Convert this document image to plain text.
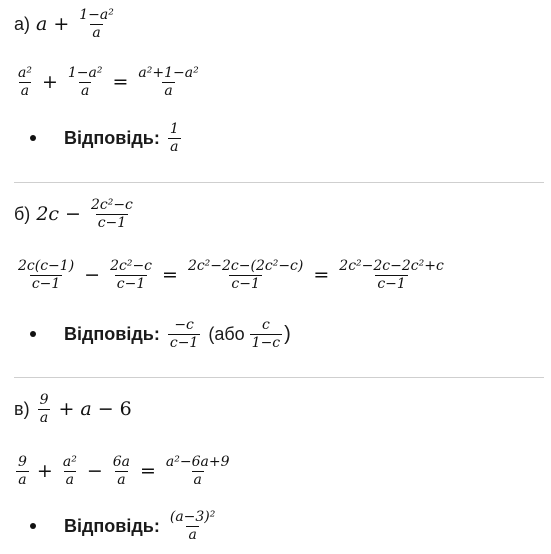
а) $a + \frac{\text{1−a²}}{a}$
$\frac{\text{a²}}{a} + \frac{\text{1−a²}}{a} = \frac{\text{a²+1−a²}}{a}$
Відповідь: $\frac{1}{a}$
б) $2c - \frac{\text{2c²−c}}{c-1}$
$\frac{2c(c-1)}{c-1} - \frac{\text{2c²−c}}{c-1} = \frac{\text{2c²−2c−(2c²−c)}}{c-1} = \frac{\text{2c²−2c−2c²+c}}{c-1}$
Відповідь: $\frac{-c}{c-1} (або \frac{c}{1-c}$ )
$в) \frac{9}{a} + a - 6$
$\frac{9}{a} + \frac{\text{a²}}{a} - \frac{6a}{a} = \frac{\text{a²−6a+9}}{a}$
Відповідь: $\frac{\text{(a−3)²}}{a}$
